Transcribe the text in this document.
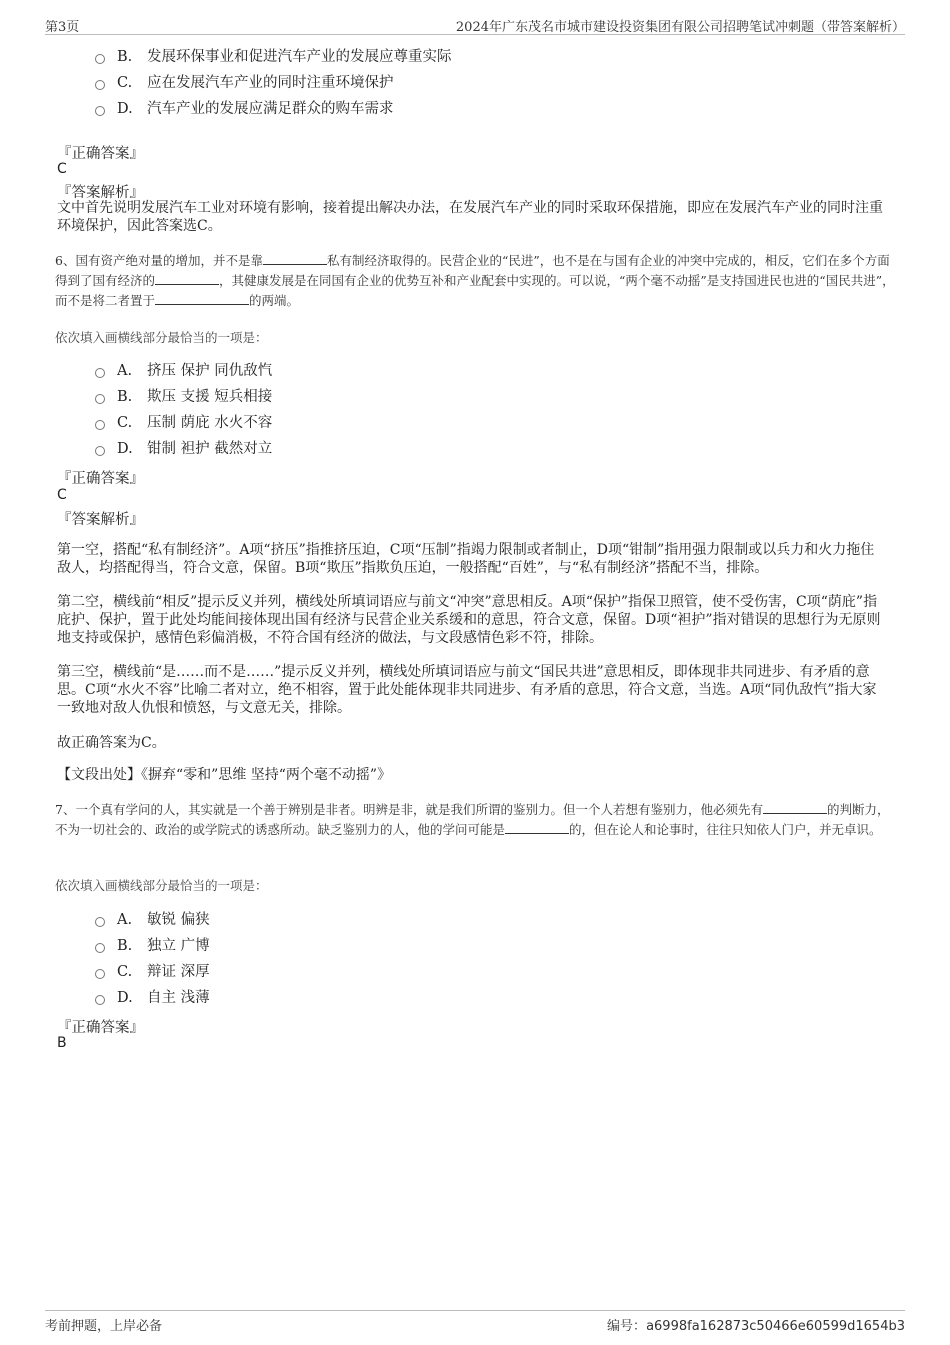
第3页	2024年广东茂名市城市建设投资集团有限公司招聘笔试冲刺题（带答案解析）
B. 发展环保事业和促进汽车产业的发展应尊重实际
C. 应在发展汽车产业的同时注重环境保护
D. 汽车产业的发展应满足群众的购车需求
『正确答案』
C
『答案解析』
文中首先说明发展汽车工业对环境有影响，接着提出解决办法，在发展汽车产业的同时采取环保措施，即应在发展汽车产业的同时注重环境保护，因此答案选C。
6、国有资产绝对量的增加，并不是靠	私有制经济取得的。民营企业的“民进”，也不是在与国有企业的冲突中完成的，相反，它们在多个方面得到了国有经济的	，其健康发展是在同国有企业的优势互补和产业配套中实现的。可以说，“两个毫不动摇”是支持国进民也进的“国民共进”，而不是将二者置于	的两端。
依次填入画横线部分最恰当的一项是：
A. 挤压 保护 同仇敌忾
B. 欺压 支援 短兵相接
C. 压制 荫庇 水火不容
D. 钳制 袒护 截然对立
『正确答案』
C
『答案解析』
第一空，搭配“私有制经济”。A项“挤压”指推挤压迫，C项“压制”指竭力限制或者制止，D项“钳制”指用强力限制或以兵力和火力拖住敌人，均搭配得当，符合文意，保留。B项“欺压”指欺负压迫，一般搭配“百姓”，与“私有制经济”搭配不当，排除。
第二空，横线前“相反”提示反义并列，横线处所填词语应与前文“冲突”意思相反。A项“保护”指保卫照管，使不受伤害，C项“荫庇”指庇护、保护，置于此处均能间接体现出国有经济与民营企业关系缓和的意思，符合文意，保留。D项“袒护”指对错误的思想行为无原则地支持或保护，感情色彩偏消极，不符合国有经济的做法，与文段感情色彩不符，排除。
第三空，横线前“是……而不是……”提示反义并列，横线处所填词语应与前文“国民共进”意思相反，即体现非共同进步、有矛盾的意思。C项“水火不容”比喻二者对立，绝不相容，置于此处能体现非共同进步、有矛盾的意思，符合文意，当选。A项“同仇敌忾”指大家一致地对敌人仇恨和愤怒，与文意无关，排除。
故正确答案为C。
【文段出处】《摒弃“零和”思维 坚持“两个毫不动摇”》
7、一个真有学问的人，其实就是一个善于辨别是非者。明辨是非，就是我们所谓的鉴别力。但一个人若想有鉴别力，他必须先有	的判断力，不为一切社会的、政治的或学院式的诱惑所动。缺乏鉴别力的人，他的学问可能是	的，但在论人和论事时，往往只知依人门户，并无卓识。
依次填入画横线部分最恰当的一项是：
A. 敏锐 偏狭
B. 独立 广博
C. 辩证 深厚
D. 自主 浅薄
『正确答案』
B
考前押题，上岸必备	编号：a6998fa162873c50466e60599d1654b3
